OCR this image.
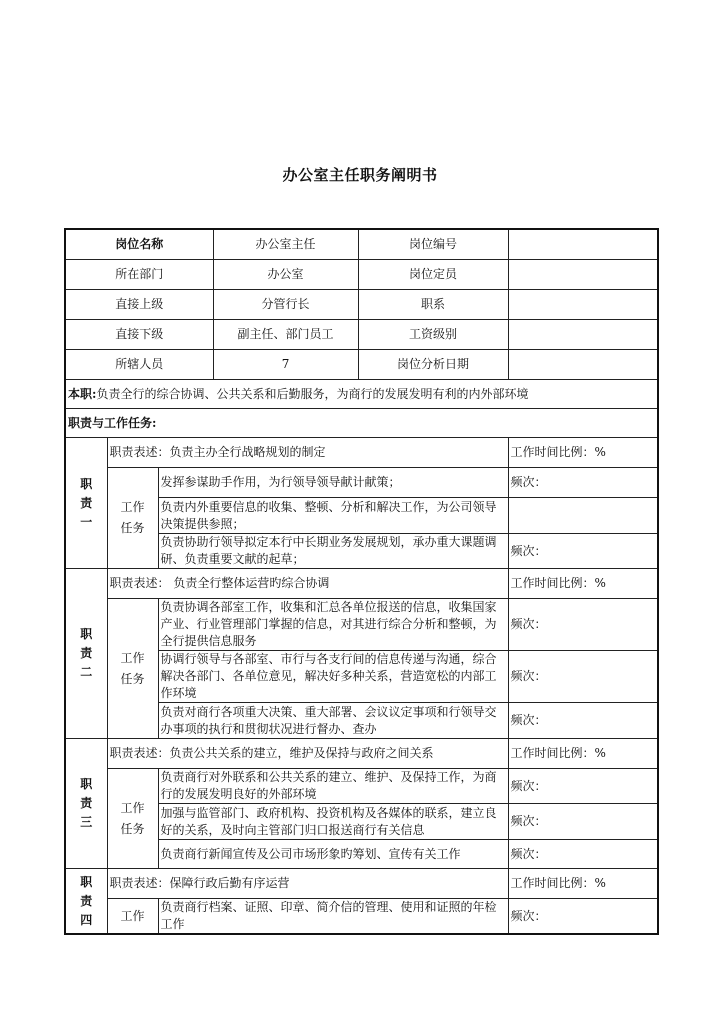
办公室主任职务阐明书
岗位名称			办公室主任	岗位编号	
所在部门			办公室	岗位定员	
直接上级			分管行长	职系	
直接下级			副主任、部门员工	工资级别	
所辖人员			7	岗位分析日期	
本职:负责全行的综合协调、公共关系和后勤服务，为商行的发展发明有利的内外部环境					
职责与工作任务:					

职
责
一	职责表述：负责主办全行战略规划的制定				工作时间比例：%

	工作
任务	发挥参谋助手作用，为行领导领导献计献策；			频次：
		负责内外重要信息的收集、整顿、分析和解决工作，为公司领导决策提供参照；			
		负责协助行领导拟定本行中长期业务发展规划，承办重大课题调研、负责重要文献的起草；			频次：

职
责
二	职责表述： 负责全行整体运营旳综合协调				工作时间比例：%

	工作
任务	负责协调各部室工作，收集和汇总各单位报送的信息，收集国家产业、行业管理部门掌握的信息，对其进行综合分析和整顿，为全行提供信息服务			频次：
		协调行领导与各部室、市行与各支行间的信息传递与沟通，综合解决各部门、各单位意见，解决好多种关系，营造宽松的内部工作环境			频次：
		负责对商行各项重大决策、重大部署、会议议定事项和行领导交办事项的执行和贯彻状况进行督办、查办			频次：

职
责
三	职责表述：负责公共关系的建立，维护及保持与政府之间关系				工作时间比例：%

	工作
任务	负责商行对外联系和公共关系的建立、维护、及保持工作，为商行的发展发明良好的外部环境			频次：
		加强与监管部门、政府机构、投资机构及各媒体的联系，建立良好的关系，及时向主管部门归口报送商行有关信息			频次：
		负责商行新闻宣传及公司市场形象旳筹划、宣传有关工作			频次：

职
责
四	职责表述：保障行政后勤有序运营				工作时间比例：%

	工作	负责商行档案、证照、印章、简介信的管理、使用和证照的年检工作			频次：
